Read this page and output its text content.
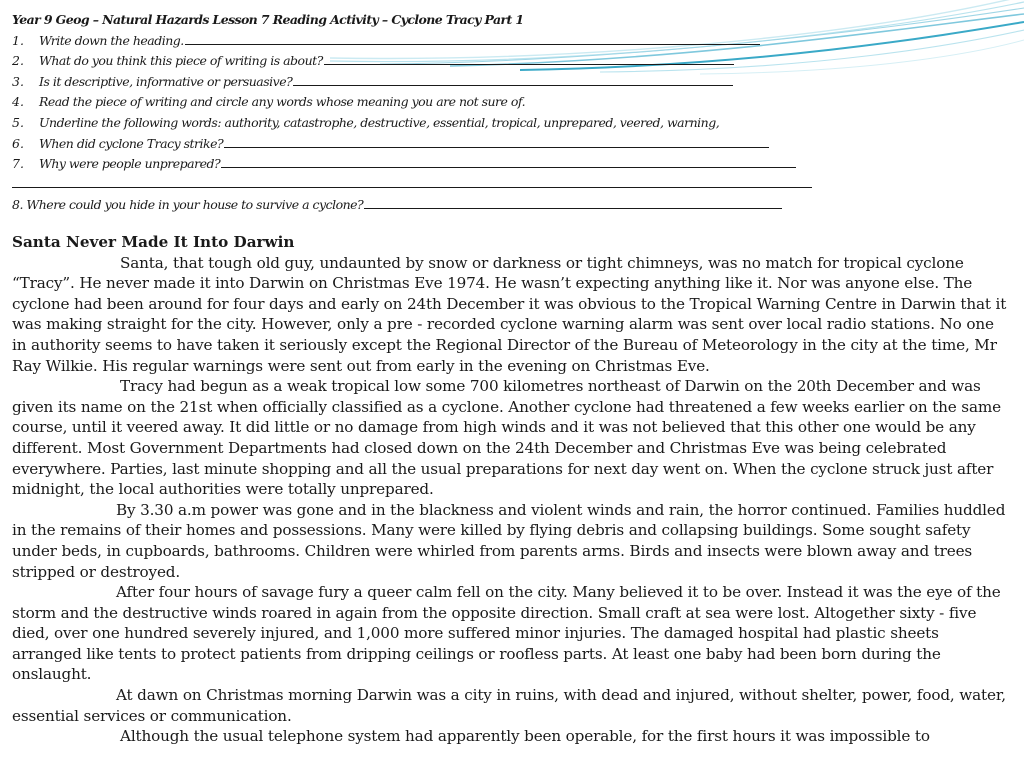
Year 9 Geog – Natural Hazards Lesson 7 Reading Activity – Cyclone Tracy Part 1
1.	Write down the heading.
2.	What do you think this piece of writing is about?
3.	Is it descriptive, informative or persuasive?
4.	Read the piece of writing and circle any words whose meaning you are not sure of.
5.	Underline the following words: authority, catastrophe, destructive, essential, tropical, unprepared, veered, warning,
6.	When did cyclone Tracy strike?
7.	Why were people unprepared?
8. Where could you hide in your house to survive a cyclone?
Santa Never Made It Into Darwin

Santa, that tough old guy, undaunted by snow or darkness or tight chimneys, was no match for tropical cyclone “Tracy”. He never made it into Darwin on Christmas Eve 1974. He wasn’t expecting anything like it. Nor was anyone else. The cyclone had been around for four days and early on 24th December it was obvious to the Tropical Warning Centre in Darwin that it was making straight for the city. However, only a pre - recorded cyclone warning alarm was sent over local radio stations. No one in authority seems to have taken it seriously except the Regional Director of the Bureau of Meteorology in the city at the time, Mr Ray Wilkie. His regular warnings were sent out from early in the evening on Christmas Eve.

Tracy had begun as a weak tropical low some 700 kilometres northeast of Darwin on the 20th December and was given its name on the 21st when officially classified as a cyclone. Another cyclone had threatened a few weeks earlier on the same course, until it veered away. It did little or no damage from high winds and it was not believed that this other one would be any different. Most Government Departments had closed down on the 24th December and Christmas Eve was being celebrated everywhere. Parties, last minute shopping and all the usual preparations for next day went on. When the cyclone struck just after midnight, the local authorities were totally unprepared.

By 3.30 a.m power was gone and in the blackness and violent winds and rain, the horror continued. Families huddled in the remains of their homes and possessions. Many were killed by flying debris and collapsing buildings. Some sought safety under beds, in cupboards, bathrooms. Children were whirled from parents arms. Birds and insects were blown away and trees stripped or destroyed.

After four hours of savage fury a queer calm fell on the city. Many believed it to be over. Instead it was the eye of the storm and the destructive winds roared in again from the opposite direction. Small craft at sea were lost. Altogether sixty - five died, over one hundred severely injured, and 1,000 more suffered minor injuries. The damaged hospital had plastic sheets arranged like tents to protect patients from dripping ceilings or roofless parts. At least one baby had been born during the onslaught.

At dawn on Christmas morning Darwin was a city in ruins, with dead and injured, without shelter, power, food, water, essential services or communication.

Although the usual telephone system had apparently been operable, for the first hours it was impossible to
